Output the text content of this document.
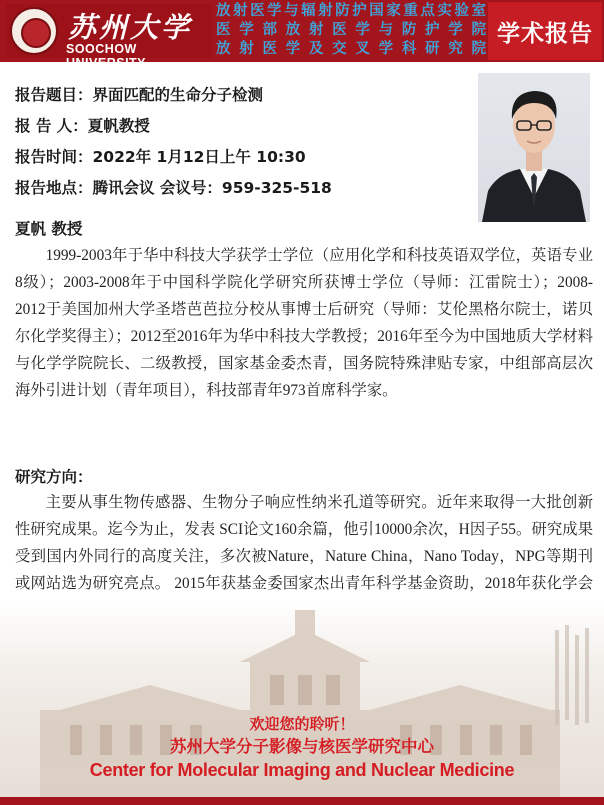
苏州大学
SOOCHOW UNIVERSITY
放射医学与辐射防护国家重点实验室
医学部放射医学与防护学院
放射医学及交叉学科研究院
学术报告
报告题目：界面匹配的生命分子检测
报 告 人：夏帆教授
报告时间：2022年 1月12日上午 10:30
报告地点：腾讯会议 会议号：959-325-518
夏帆 教授
1999-2003年于华中科技大学获学士学位（应用化学和科技英语双学位，英语专业8级）；2003-2008年于中国科学院化学研究所获博士学位（导师：江雷院士）；2008-2012于美国加州大学圣塔芭芭拉分校从事博士后研究（导师：艾伦黑格尔院士，诺贝尔化学奖得主）；2012至2016年为华中科技大学教授；2016年至今为中国地质大学材料与化学学院院长、二级教授，国家基金委杰青，国务院特殊津贴专家，中组部高层次海外引进计划（青年项目），科技部青年973首席科学家。
研究方向：
主要从事生物传感器、生物分子响应性纳米孔道等研究。近年来取得一大批创新性研究成果。迄今为止，发表 SCI论文160余篇，他引10000余次，H因子55。研究成果受到国内外同行的高度关注，多次被Nature，Nature China，Nano Today，NPG等期刊或网站选为研究亮点。 2015年获基金委国家杰出青年科学基金资助，2018年获化学会
欢迎您的聆听！
苏州大学分子影像与核医学研究中心
Center for Molecular Imaging and Nuclear Medicine
